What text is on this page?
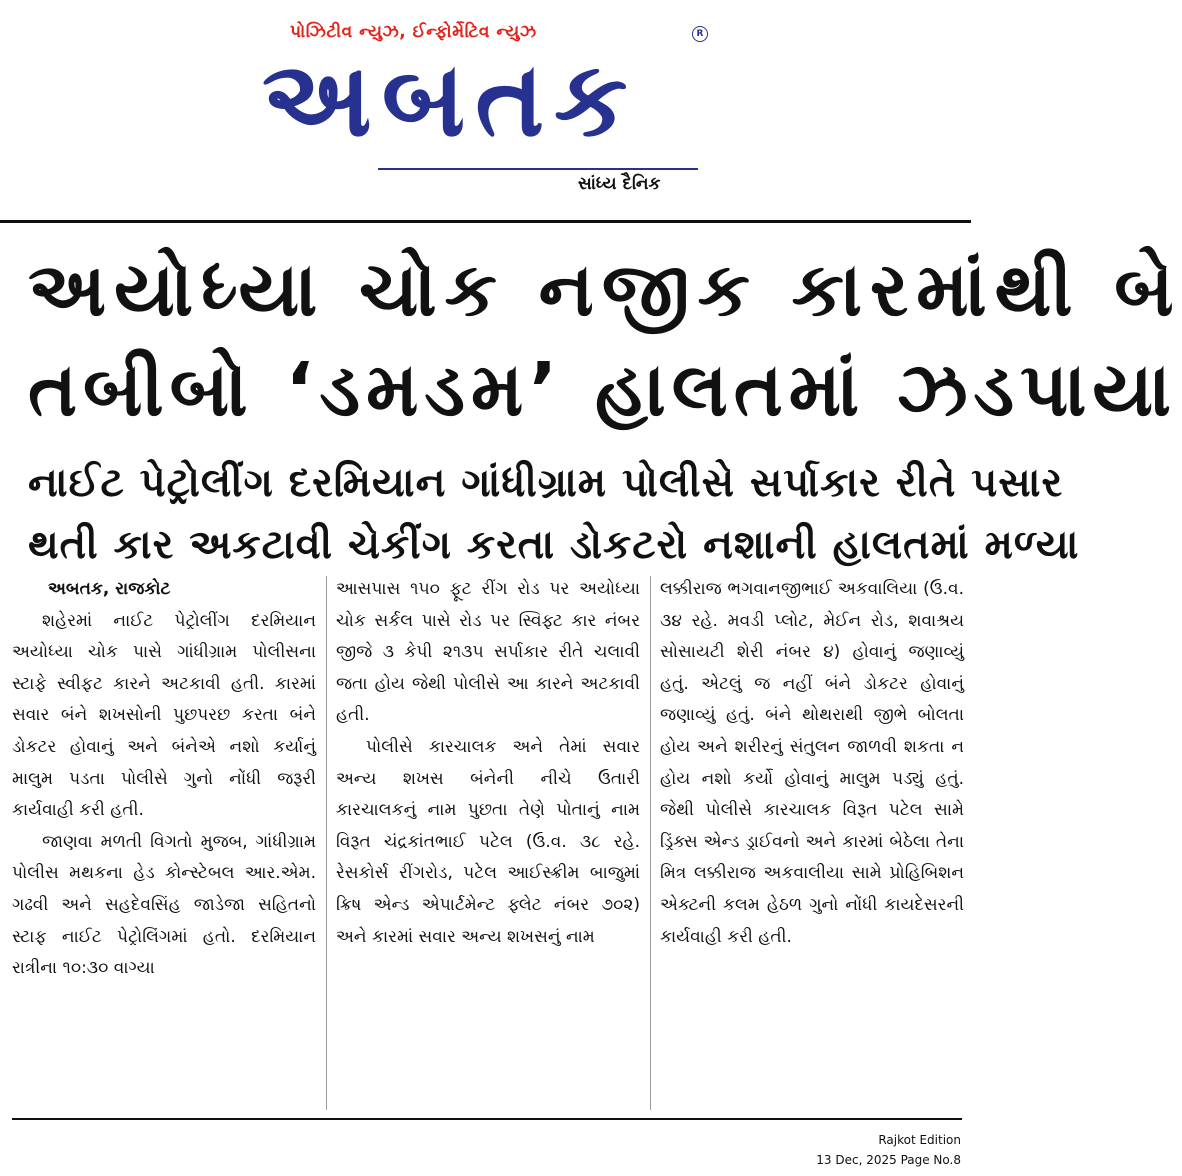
પોઝિટીવ ન્યુઝ, ઈન્ફોર્મેટિવ ન્યુઝ
અબતક
R
સાંધ્ય દૈનિક
અયોધ્યા ચોક નજીક કારમાંથી બે
તબીબો ‘ડમડમ’ હાલતમાં ઝડપાયા
નાઈટ પેટ્રોલીંગ દરમિયાન ગાંધીગ્રામ પોલીસે સર્પાકાર રીતે પસાર
થતી કાર અકટાવી ચેકીંગ કરતા ડોકટરો નશાની હાલતમાં મળ્યા
અબતક, રાજકોટ

શહેરમાં નાઈટ પેટ્રોલીંગ દરમિયાન અયોધ્યા ચોક પાસે ગાંધીગ્રામ પોલીસના સ્ટાફે સ્વીફટ કારને અટકાવી હતી. કારમાં સવાર બંને શખસોની પુછપરછ કરતા બંને ડોકટર હોવાનું અને બંનેએ નશો કર્યાનું માલુમ પડતા પોલીસે ગુનો નોંધી જરૂરી કાર્યવાહી કરી હતી.

જાણવા મળતી વિગતો મુજબ, ગાંધીગ્રામ પોલીસ મથકના હેડ કોન્સ્ટેબલ આર.એમ. ગઢવી અને સહદેવસિંહ જાડેજા સહિતનો સ્ટાફ નાઈટ પેટ્રોલિંગમાં હતો. દરમિયાન રાત્રીના ૧૦:૩૦ વાગ્યા

આસપાસ ૧૫૦ ફૂટ રીંગ રોડ પર અયોધ્યા ચોક સર્કલ પાસે રોડ પર સ્વિફ્ટ કાર નંબર જીજે ૩ કેપી ૨૧૩૫ સર્પાકાર રીતે ચલાવી જતા હોય જેથી પોલીસે આ કારને અટકાવી હતી.

પોલીસે કારચાલક અને તેમાં સવાર અન્ય શખસ બંનેની નીચે ઉતારી કારચાલકનું નામ પુછતા તેણે પોતાનું નામ વિરૂત ચંદ્રકાંતભાઈ પટેલ (ઉ.વ. ૩૮ રહે. રેસકોર્સ રીંગરોડ, પટેલ આઈસ્ક્રીમ બાજુમાં ક્રિષ એન્ડ એપાર્ટમેન્ટ ફ્લેટ નંબર ૭૦૨) અને કારમાં સવાર અન્ય શખસનું નામ

લક્કીરાજ ભગવાનજીભાઈ અકવાલિયા (ઉ.વ. ૩૪ રહે. મવડી પ્લોટ, મેઈન રોડ, શવાશ્રય સોસાયટી શેરી નંબર ૪) હોવાનું જણાવ્યું હતું. એટલું જ નહીં બંને ડોકટર હોવાનું જણાવ્યું હતું. બંને થોથરાથી જીભે બોલતા હોય અને શરીરનું સંતુલન જાળવી શકતા ન હોય નશો કર્યો હોવાનું માલુમ પડ્યું હતું. જેથી પોલીસે કારચાલક વિરૂત પટેલ સામે ડ્રિંક્સ એન્ડ ડ્રાઈવનો અને કારમાં બેઠેલા તેના મિત્ર લક્કીરાજ અકવાલીયા સામે પ્રોહિબિશન એક્ટની કલમ હેઠળ ગુનો નોંધી કાયદેસરની કાર્યવાહી કરી હતી.

Rajkot Edition
13 Dec, 2025 Page No.8
